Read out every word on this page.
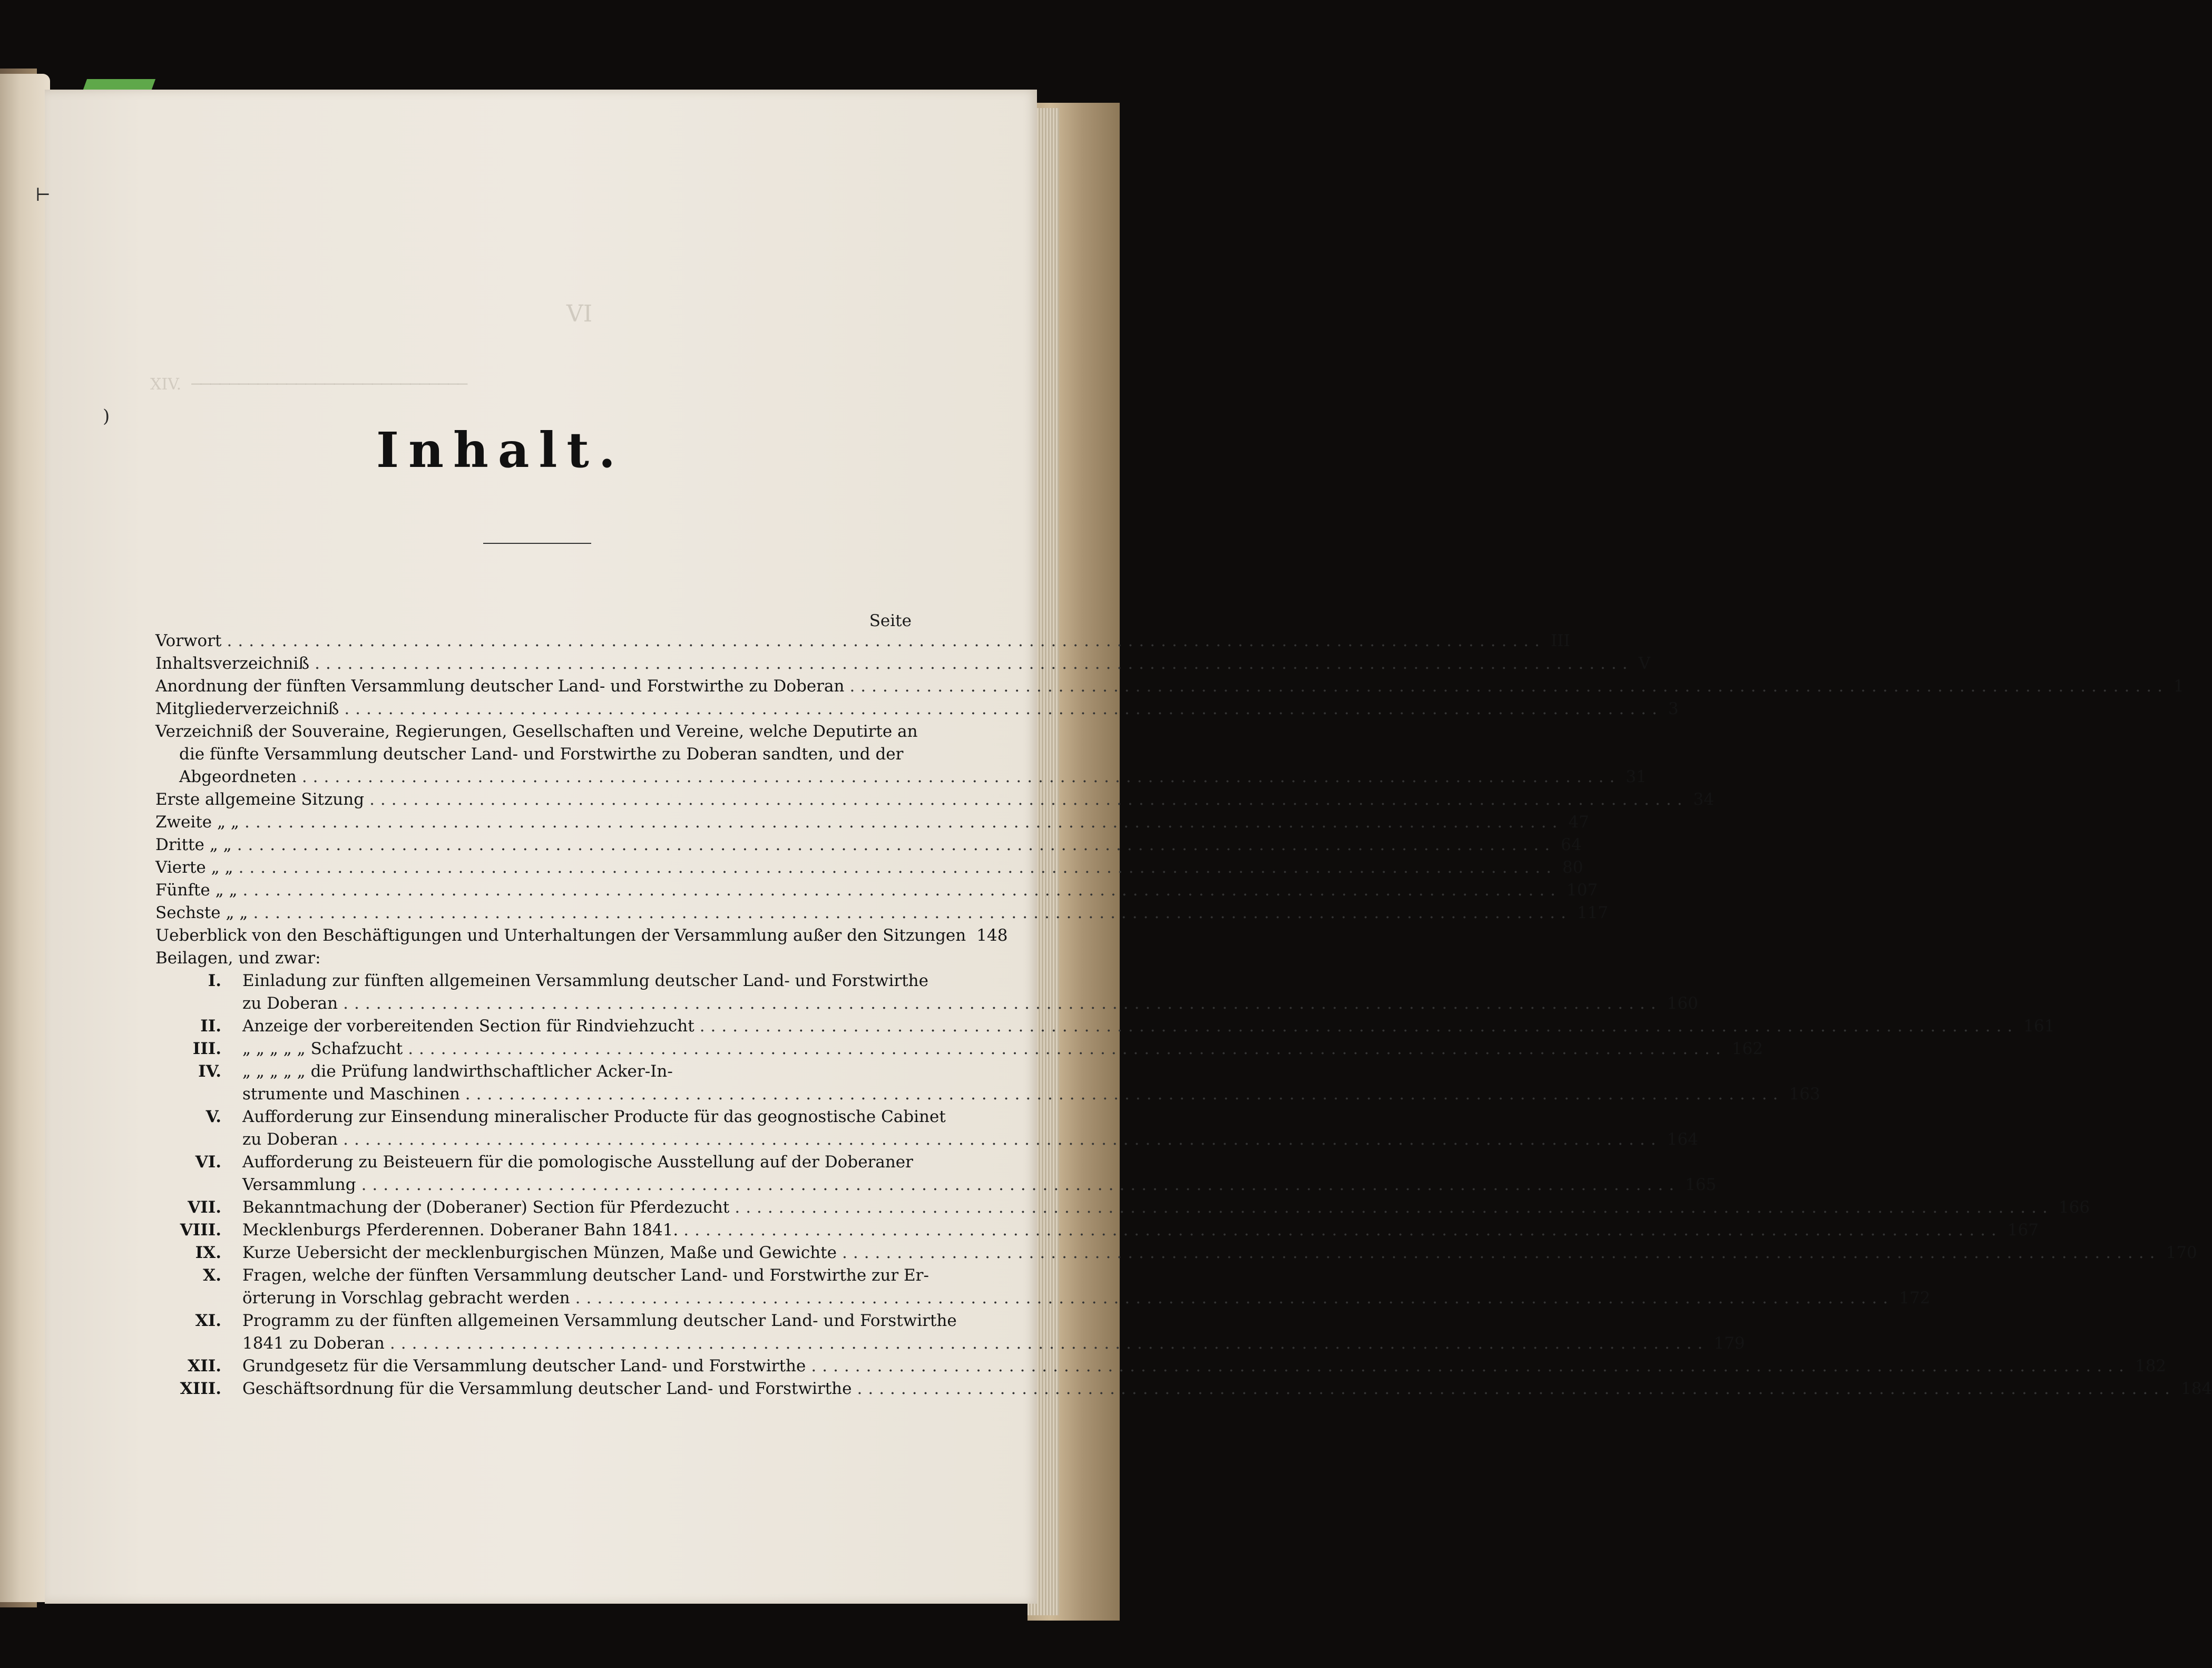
VI
XIV.  ─────────────────────────────
⊢
)
Inhalt.
Seite
Vorwort ........................................................................................................................ III
Inhaltsverzeichniß ........................................................................................................................ V
Anordnung der fünften Versammlung deutscher Land- und Forstwirthe zu Doberan ........................................................................................................................ 1
Mitgliederverzeichniß ........................................................................................................................ 3
Verzeichniß der Souveraine, Regierungen, Gesellschaften und Vereine, welche Deputirte an
die fünfte Versammlung deutscher Land- und Forstwirthe zu Doberan sandten, und der
Abgeordneten ........................................................................................................................ 31
Erste allgemeine Sitzung ........................................................................................................................ 34
Zweite „ „ ........................................................................................................................ 47
Dritte „ „ ........................................................................................................................ 64
Vierte „ „ ........................................................................................................................ 80
Fünfte „ „ ........................................................................................................................ 107
Sechste „ „ ........................................................................................................................ 117
Ueberblick von den Beschäftigungen und Unterhaltungen der Versammlung außer den Sitzungen 148
Beilagen, und zwar:
I. Einladung zur fünften allgemeinen Versammlung deutscher Land- und Forstwirthe
zu Doberan ........................................................................................................................ 160
II. Anzeige der vorbereitenden Section für Rindviehzucht ........................................................................................................................ 161
III. „ „ „ „ „ Schafzucht ........................................................................................................................ 162
IV. „ „ „ „ „ die Prüfung landwirthschaftlicher Acker-In-
strumente und Maschinen ........................................................................................................................ 163
V. Aufforderung zur Einsendung mineralischer Producte für das geognostische Cabinet
zu Doberan ........................................................................................................................ 164
VI. Aufforderung zu Beisteuern für die pomologische Ausstellung auf der Doberaner
Versammlung ........................................................................................................................ 165
VII. Bekanntmachung der (Doberaner) Section für Pferdezucht ........................................................................................................................ 166
VIII. Mecklenburgs Pferderennen. Doberaner Bahn 1841. ........................................................................................................................ 167
IX. Kurze Uebersicht der mecklenburgischen Münzen, Maße und Gewichte ........................................................................................................................ 170
X. Fragen, welche der fünften Versammlung deutscher Land- und Forstwirthe zur Er-
örterung in Vorschlag gebracht werden ........................................................................................................................ 172
XI. Programm zu der fünften allgemeinen Versammlung deutscher Land- und Forstwirthe
1841 zu Doberan ........................................................................................................................ 179
XII. Grundgesetz für die Versammlung deutscher Land- und Forstwirthe ........................................................................................................................ 182
XIII. Geschäftsordnung für die Versammlung deutscher Land- und Forstwirthe ........................................................................................................................ 184
